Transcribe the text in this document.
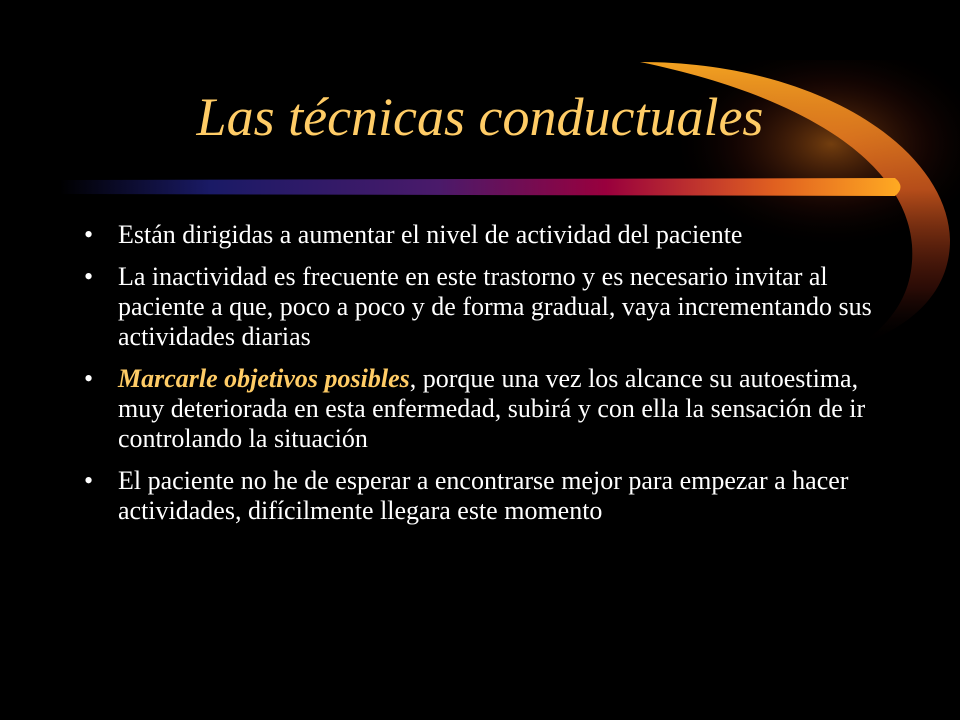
Las técnicas conductuales
• Están dirigidas a aumentar el nivel de actividad del paciente
• La inactividad es frecuente en este trastorno y es necesario invitar al paciente a que, poco a poco y de forma gradual, vaya incrementando sus actividades diarias
• Marcarle objetivos posibles, porque una vez los alcance su autoestima, muy deteriorada en esta enfermedad, subirá y con ella la sensación de ir controlando la situación
• El paciente no he de esperar a encontrarse mejor para empezar a hacer actividades, difícilmente llegara este momento
